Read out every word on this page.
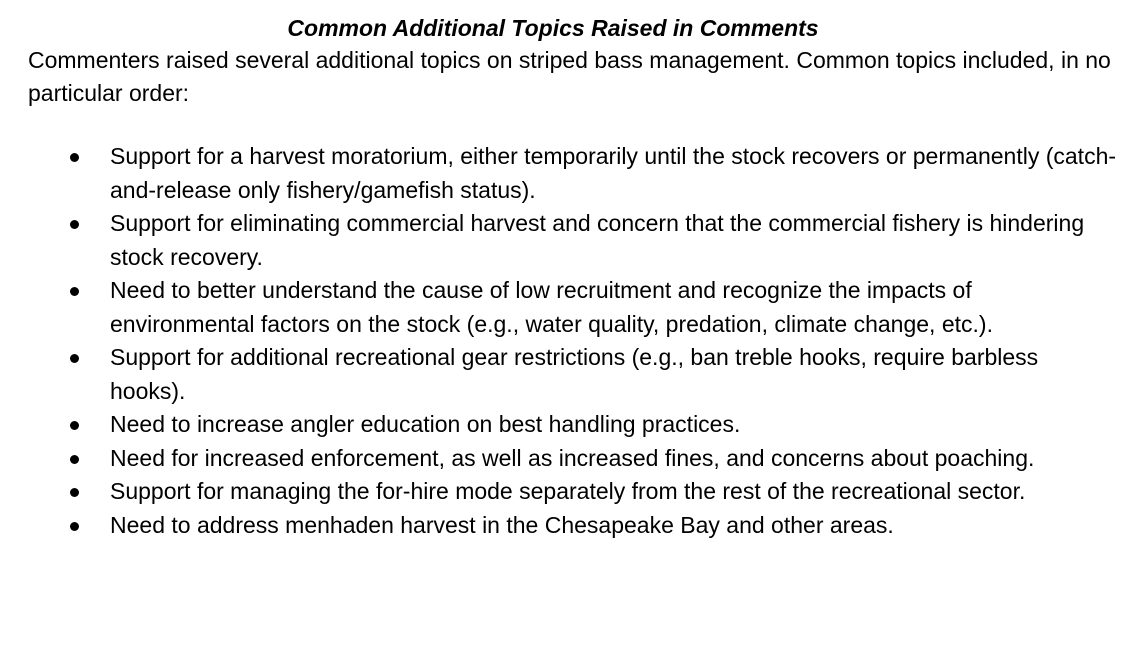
Common Additional Topics Raised in Comments

Commenters raised several additional topics on striped bass management. Common topics included, in no particular order:

Support for a harvest moratorium, either temporarily until the stock recovers or permanently (catch-and-release only fishery/gamefish status).
Support for eliminating commercial harvest and concern that the commercial fishery is hindering stock recovery.
Need to better understand the cause of low recruitment and recognize the impacts of environmental factors on the stock (e.g., water quality, predation, climate change, etc.).
Support for additional recreational gear restrictions (e.g., ban treble hooks, require barbless hooks).
Need to increase angler education on best handling practices.
Need for increased enforcement, as well as increased fines, and concerns about poaching.
Support for managing the for-hire mode separately from the rest of the recreational sector.
Need to address menhaden harvest in the Chesapeake Bay and other areas.
